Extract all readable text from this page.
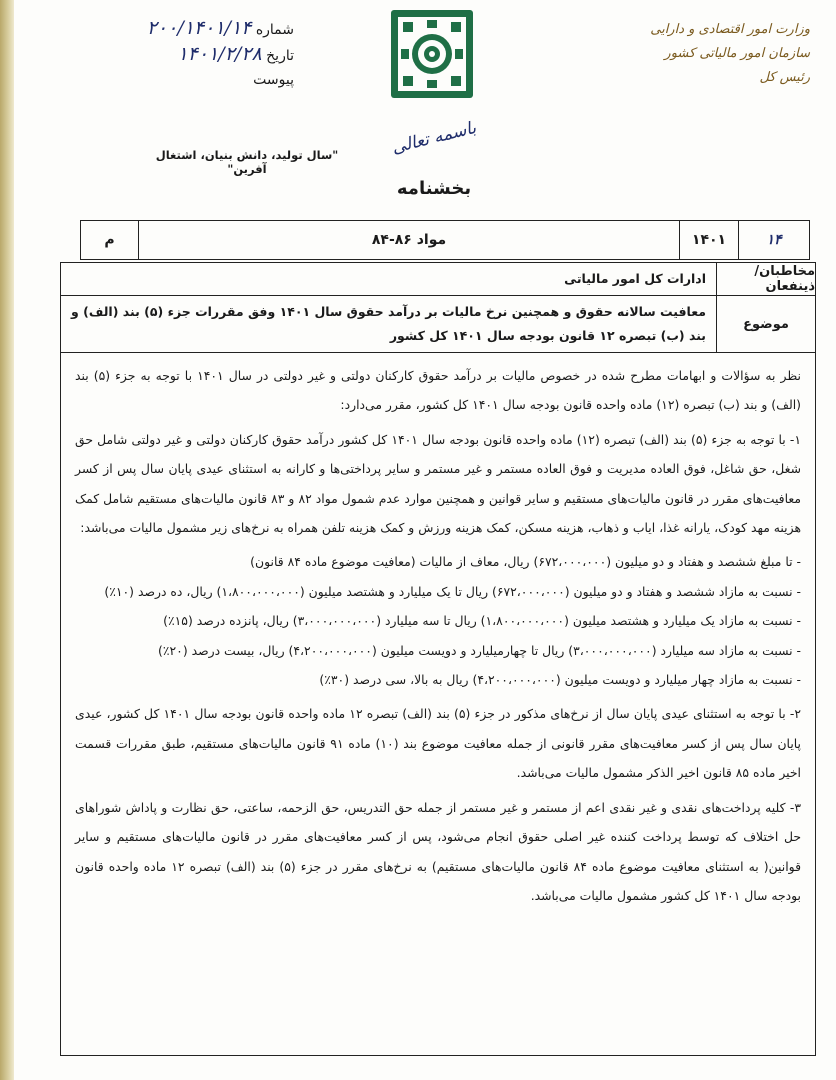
شماره ۲۰۰/۱۴۰۱/۱۴
تاریخ ۱۴۰۱/۲/۲۸
پیوست
وزارت امور اقتصادی و دارایی
سازمان امور مالیاتی کشور
رئیس کل
"سال تولید، دانش بنیان، اشتغال آفرین"
باسمه تعالی
بخشنامه
۱۴
۱۴۰۱
مواد ۸۶-۸۴
م
مخاطبان/ذینفعان
ادارات کل امور مالیاتی
موضوع
معافیت سالانه حقوق و همچنین نرخ مالیات بر درآمد حقوق سال ۱۴۰۱ وفق مقررات جزء (۵) بند (الف) و بند (ب) تبصره ۱۲ قانون بودجه سال ۱۴۰۱ کل کشور

نظر به سؤالات و ابهامات مطرح شده در خصوص مالیات بر درآمد حقوق کارکنان دولتی و غیر دولتی در سال ۱۴۰۱ با توجه به جزء (۵) بند (الف) و بند (ب) تبصره (۱۲) ماده واحده قانون بودجه سال ۱۴۰۱ کل کشور، مقرر می‌دارد:

۱- با توجه به جزء (۵) بند (الف) تبصره (۱۲) ماده واحده قانون بودجه سال ۱۴۰۱ کل کشور درآمد حقوق کارکنان دولتی و غیر دولتی شامل حق شغل، حق شاغل، فوق العاده مدیریت و فوق العاده مستمر و غیر مستمر و سایر پرداختی‌ها و کارانه به استثنای عیدی پایان سال پس از کسر معافیت‌های مقرر در قانون مالیات‌های مستقیم و سایر قوانین و همچنین موارد عدم شمول مواد ۸۲ و ۸۳ قانون مالیات‌های مستقیم شامل کمک هزینه مهد کودک، یارانه غذا، ایاب و ذهاب، هزینه مسکن، کمک هزینه ورزش و کمک هزینه تلفن همراه به نرخ‌های زیر مشمول مالیات می‌باشد:

- تا مبلغ ششصد و هفتاد و دو میلیون (۶۷۲،۰۰۰،۰۰۰) ریال، معاف از مالیات (معافیت موضوع ماده ۸۴ قانون)

- نسبت به مازاد ششصد و هفتاد و دو میلیون (۶۷۲،۰۰۰،۰۰۰) ریال تا یک میلیارد و هشتصد میلیون (۱،۸۰۰،۰۰۰،۰۰۰) ریال، ده درصد (۱۰٪)

- نسبت به مازاد یک میلیارد و هشتصد میلیون (۱،۸۰۰،۰۰۰،۰۰۰) ریال تا سه میلیارد (۳،۰۰۰،۰۰۰،۰۰۰) ریال، پانزده درصد (۱۵٪)

- نسبت به مازاد سه میلیارد (۳،۰۰۰،۰۰۰،۰۰۰) ریال تا چهارمیلیارد و دویست میلیون (۴،۲۰۰،۰۰۰،۰۰۰) ریال، بیست درصد (۲۰٪)

- نسبت به مازاد چهار میلیارد و دویست میلیون (۴،۲۰۰،۰۰۰،۰۰۰) ریال به بالا، سی درصد (۳۰٪)

۲- با توجه به استثنای عیدی پایان سال از نرخ‌های مذکور در جزء (۵) بند (الف) تبصره ۱۲ ماده واحده قانون بودجه سال ۱۴۰۱ کل کشور، عیدی پایان سال پس از کسر معافیت‌های مقرر قانونی از جمله معافیت موضوع بند (۱۰) ماده ۹۱ قانون مالیات‌های مستقیم، طبق مقررات قسمت اخیر ماده ۸۵ قانون اخیر الذکر مشمول مالیات می‌باشد.

۳- کلیه پرداخت‌های نقدی و غیر نقدی اعم از مستمر و غیر مستمر از جمله حق التدریس، حق الزحمه، ساعتی، حق نظارت و پاداش شوراهای حل اختلاف که توسط پرداخت کننده غیر اصلی حقوق انجام می‌شود، پس از کسر معافیت‌های مقرر در قانون مالیات‌های مستقیم و سایر قوانین( به استثنای معافیت موضوع ماده ۸۴ قانون مالیات‌های مستقیم) به نرخ‌های مقرر در جزء (۵) بند (الف) تبصره ۱۲ ماده واحده قانون بودجه سال ۱۴۰۱ کل کشور مشمول مالیات می‌باشد.
